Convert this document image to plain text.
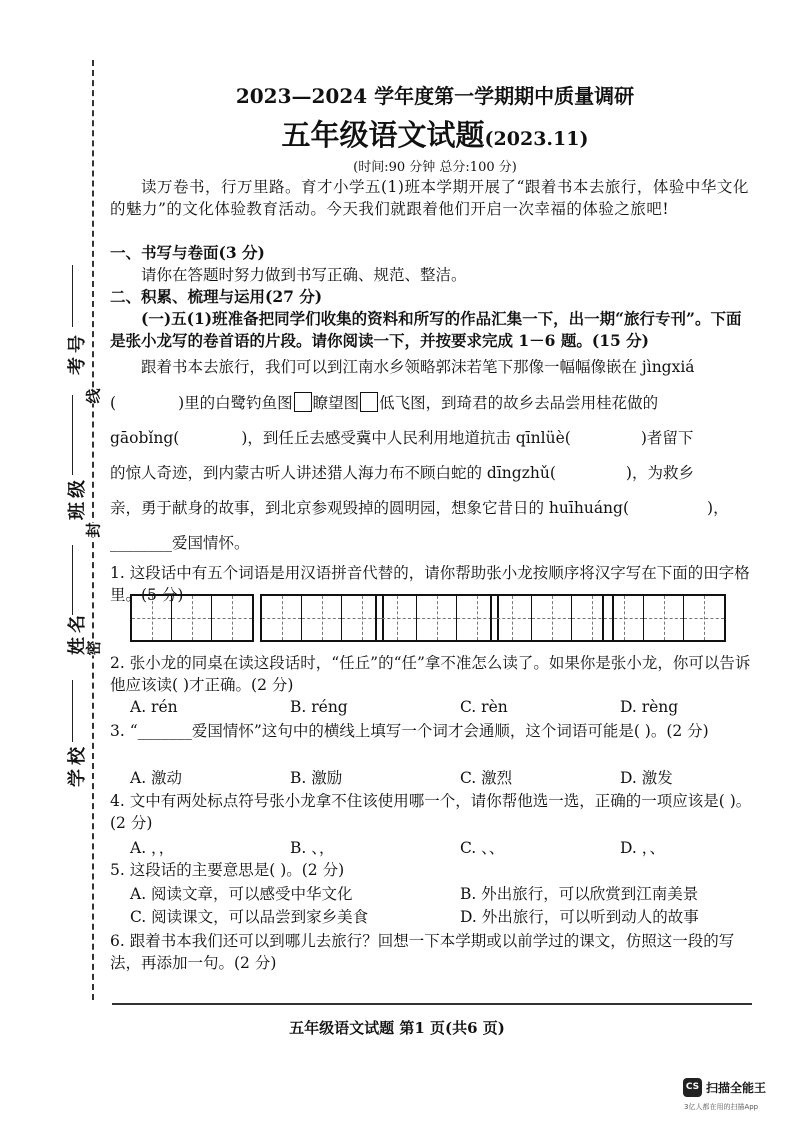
线
封
密
考号
班级
姓名
学校
2023—2024 学年度第一学期期中质量调研
五年级语文试题(2023.11)
(时间:90 分钟 总分:100 分)
读万卷书，行万里路。育才小学五(1)班本学期开展了“跟着书本去旅行，体验中华文化的魅力”的文化体验教育活动。今天我们就跟着他们开启一次幸福的体验之旅吧!
一、书写与卷面(3 分)
请你在答题时努力做到书写正确、规范、整洁。
二、积累、梳理与运用(27 分)
(一)五(1)班准备把同学们收集的资料和所写的作品汇集一下，出一期“旅行专刊”。下面是张小龙写的卷首语的片段。请你阅读一下，并按要求完成 1－6 题。(15 分)
跟着书本去旅行，我们可以到江南水乡领略郭沫若笔下那像一幅幅像嵌在 jìngxiá
(	)里的白鹭钓鱼图 瞭望图 低飞图，到琦君的故乡去品尝用桂花做的
gāobǐng(	)，到任丘去感受冀中人民利用地道抗击 qīnlüè(	)者留下
的惊人奇迹，到内蒙古听人讲述猎人海力布不顾白蛇的 dīngzhǔ(	)，为救乡
亲，勇于献身的故事，到北京参观毁掉的圆明园，想象它昔日的 huīhuáng(	)，
________爱国情怀。
1. 这段话中有五个词语是用汉语拼音代替的，请你帮助张小龙按顺序将汉字写在下面的田字格里。(5 分)
2. 张小龙的同桌在读这段话时，“任丘”的“任”拿不准怎么读了。如果你是张小龙，你可以告诉他应该读( )才正确。(2 分)
A. rén	B. réng	C. rèn	D. rèng
3. “_______爱国情怀”这句中的横线上填写一个词才会通顺，这个词语可能是( )。(2 分)
A. 激动	B. 激励	C. 激烈	D. 激发
4. 文中有两处标点符号张小龙拿不住该使用哪一个，请你帮他选一选，正确的一项应该是( )。(2 分)
A. ，，	B. 、，	C. 、、	D. ，、
5. 这段话的主要意思是( )。(2 分)
A. 阅读文章，可以感受中华文化	B. 外出旅行，可以欣赏到江南美景
C. 阅读课文，可以品尝到家乡美食	D. 外出旅行，可以听到动人的故事
6. 跟着书本我们还可以到哪儿去旅行？回想一下本学期或以前学过的课文，仿照这一段的写法，再添加一句。(2 分)
五年级语文试题 第1 页(共6 页)
CS 扫描全能王
3亿人都在用的扫描App
